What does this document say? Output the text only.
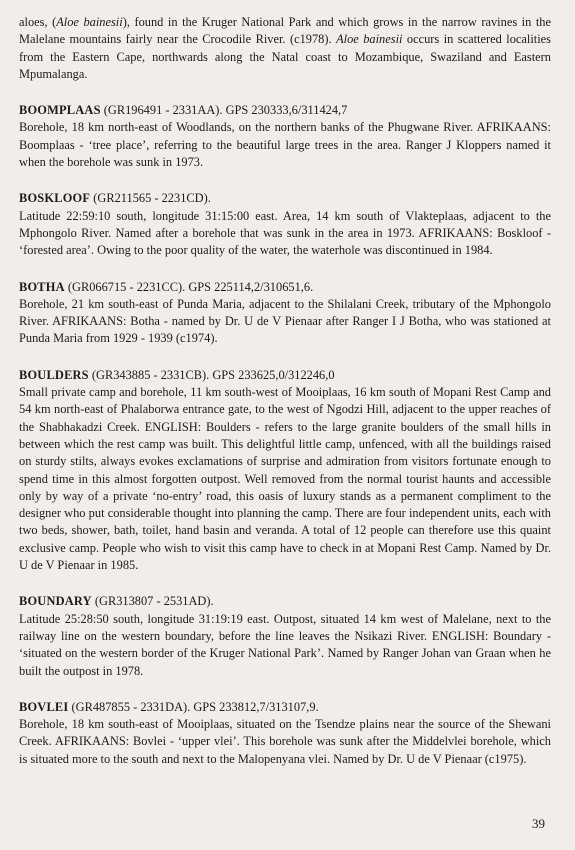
aloes, (Aloe bainesii), found in the Kruger National Park and which grows in the narrow ravines in the Malelane mountains fairly near the Crocodile River. (c1978). Aloe bainesii occurs in scattered localities from the Eastern Cape, northwards along the Natal coast to Mozambique, Swaziland and Eastern Mpumalanga.

BOOMPLAAS (GR196491 - 2331AA). GPS 230333,6/311424,7
Borehole, 18 km north-east of Woodlands, on the northern banks of the Phugwane River. AFRIKAANS: Boomplaas - ‘tree place’, referring to the beautiful large trees in the area. Ranger J Kloppers named it when the borehole was sunk in 1973.
BOSKLOOF (GR211565 - 2231CD).
Latitude 22:59:10 south, longitude 31:15:00 east. Area, 14 km south of Vlakteplaas, adjacent to the Mphongolo River. Named after a borehole that was sunk in the area in 1973. AFRIKAANS: Boskloof - ‘forested area’. Owing to the poor quality of the water, the waterhole was discontinued in 1984.
BOTHA (GR066715 - 2231CC). GPS 225114,2/310651,6.
Borehole, 21 km south-east of Punda Maria, adjacent to the Shilalani Creek, tributary of the Mphongolo River. AFRIKAANS: Botha - named by Dr. U de V Pienaar after Ranger I J Botha, who was stationed at Punda Maria from 1929 - 1939 (c1974).
BOULDERS (GR343885 - 2331CB). GPS 233625,0/312246,0
Small private camp and borehole, 11 km south-west of Mooiplaas, 16 km south of Mopani Rest Camp and 54 km north-east of Phalaborwa entrance gate, to the west of Ngodzi Hill, adjacent to the upper reaches of the Shabhakadzi Creek. ENGLISH: Boulders - refers to the large granite boulders of the small hills in between which the rest camp was built. This delightful little camp, unfenced, with all the buildings raised on sturdy stilts, always evokes exclamations of surprise and admiration from visitors fortunate enough to spend time in this almost forgotten outpost. Well removed from the normal tourist haunts and accessible only by way of a private ‘no-entry’ road, this oasis of luxury stands as a permanent compliment to the designer who put considerable thought into planning the camp. There are four independent units, each with two beds, shower, bath, toilet, hand basin and veranda. A total of 12 people can therefore use this quaint exclusive camp. People who wish to visit this camp have to check in at Mopani Rest Camp. Named by Dr. U de V Pienaar in 1985.
BOUNDARY (GR313807 - 2531AD).
Latitude 25:28:50 south, longitude 31:19:19 east. Outpost, situated 14 km west of Malelane, next to the railway line on the western boundary, before the line leaves the Nsikazi River. ENGLISH: Boundary - ‘situated on the western border of the Kruger National Park’. Named by Ranger Johan van Graan when he built the outpost in 1978.
BOVLEI (GR487855 - 2331DA). GPS 233812,7/313107,9.
Borehole, 18 km south-east of Mooiplaas, situated on the Tsendze plains near the source of the Shewani Creek. AFRIKAANS: Bovlei - ‘upper vlei’. This borehole was sunk after the Middelvlei borehole, which is situated more to the south and next to the Malopenyana vlei. Named by Dr. U de V Pienaar (c1975).
39
